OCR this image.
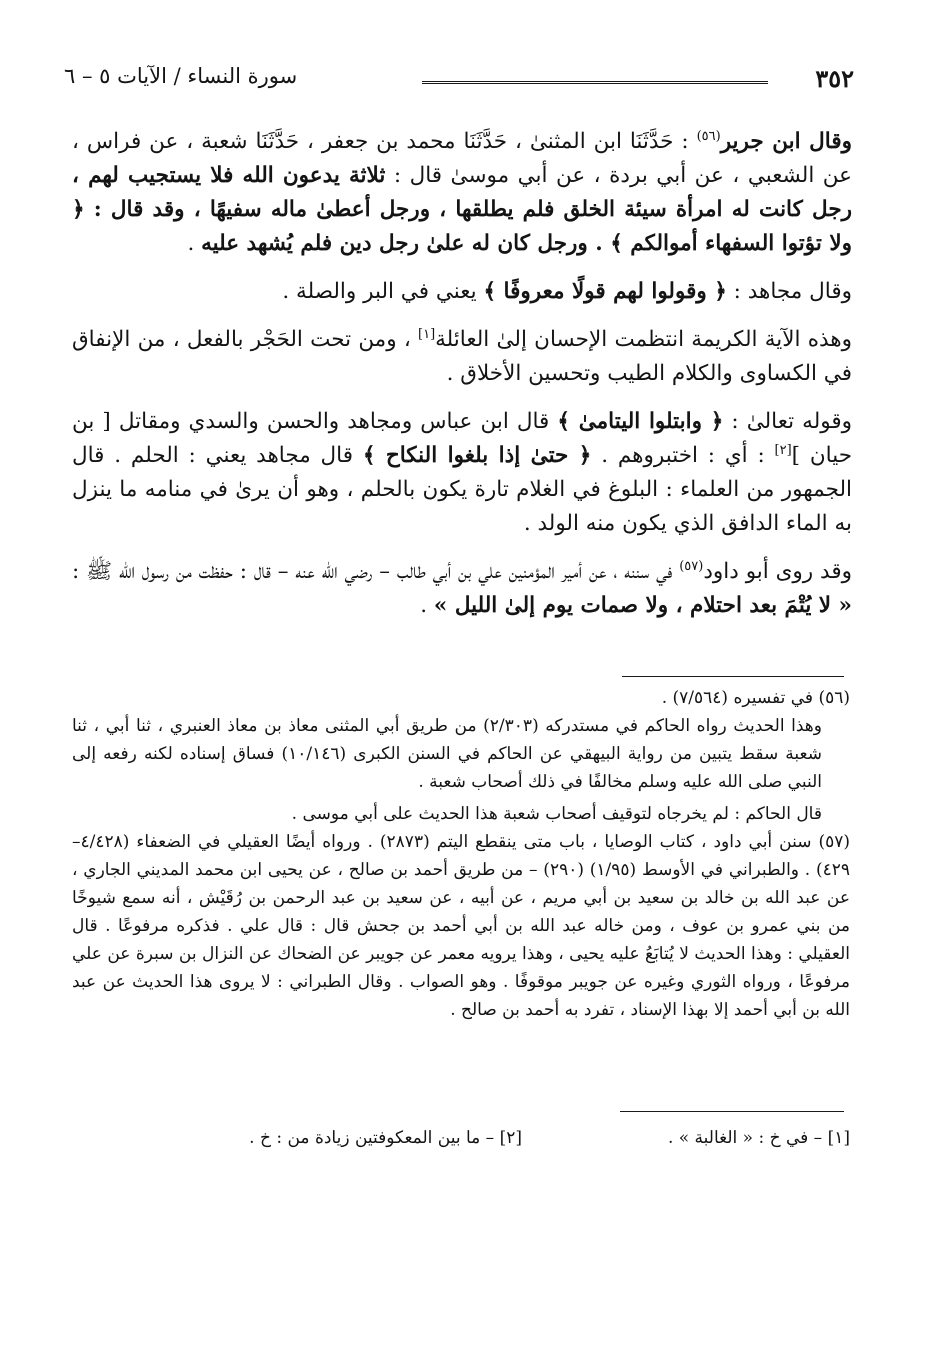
٣٥٢
سورة النساء / الآيات ٥ – ٦

وقال ابن جرير$^{(٥٦)}$ : حَدَّثَنَا ابن المثنىٰ ، حَدَّثَنَا محمد بن جعفر ، حَدَّثَنَا شعبة ، عن فراس ، عن الشعبي ، عن أبي بردة ، عن أبي موسىٰ قال : ثلاثة يدعون الله فلا يستجيب لهم ، رجل كانت له امرأة سيئة الخلق فلم يطلقها ، ورجل أعطىٰ ماله سفيهًا ، وقد قال : ﴿ ولا تؤتوا السفهاء أموالكم ﴾ . ورجل كان له علىٰ رجل دين فلم يُشهد عليه .

وقال مجاهد : ﴿ وقولوا لهم قولًا معروفًا ﴾ يعني في البر والصلة .

وهذه الآية الكريمة انتظمت الإحسان إلىٰ العائلة[١] ، ومن تحت الحَجْر بالفعل ، من الإنفاق في الكساوى والكلام الطيب وتحسين الأخلاق .

وقوله تعالىٰ : ﴿ وابتلوا اليتامىٰ ﴾ قال ابن عباس ومجاهد والحسن والسدي ومقاتل [ بن حيان ][٢] : أي : اختبروهم . ﴿ حتىٰ إذا بلغوا النكاح ﴾ قال مجاهد يعني : الحلم . قال الجمهور من العلماء : البلوغ في الغلام تارة يكون بالحلم ، وهو أن يرىٰ في منامه ما ينزل به الماء الدافق الذي يكون منه الولد .

وقد روى أبو داود$^{(٥٧)}$ في سننه ، عن أمير المؤمنين علي بن أبي طالب – رضي الله عنه – قال : حفظت من رسول الله ﷺ : « لا يُتْمَ بعد احتلام ، ولا صمات يوم إلىٰ الليل » .

(٥٦) في تفسيره (٧/٥٦٤) .

وهذا الحديث رواه الحاكم في مستدركه (٢/٣٠٣) من طريق أبي المثنى معاذ بن معاذ العنبري ، ثنا أبي ، ثنا شعبة سقط يتبين من رواية البيهقي عن الحاكم في السنن الكبرى (١٠/١٤٦) فساق إسناده لكنه رفعه إلى النبي صلى الله عليه وسلم مخالفًا في ذلك أصحاب شعبة .

قال الحاكم : لم يخرجاه لتوقيف أصحاب شعبة هذا الحديث على أبي موسى .

(٥٧) سنن أبي داود ، كتاب الوصايا ، باب متى ينقطع اليتم (٢٨٧٣) . ورواه أيضًا العقيلي في الضعفاء (٤/٤٢٨–٤٢٩) . والطبراني في الأوسط (١/٩٥) (٢٩٠) – من طريق أحمد بن صالح ، عن يحيى ابن محمد المديني الجاري ، عن عبد الله بن خالد بن سعيد بن أبي مريم ، عن أبيه ، عن سعيد بن عبد الرحمن بن رُقَيْش ، أنه سمع شيوخًا من بني عمرو بن عوف ، ومن خاله عبد الله بن أبي أحمد بن جحش قال : قال علي . فذكره مرفوعًا . قال العقيلي : وهذا الحديث لا يُتابَعُ عليه يحيى ، وهذا يرويه معمر عن جويبر عن الضحاك عن النزال بن سبرة عن علي مرفوعًا ، ورواه الثوري وغيره عن جويبر موقوفًا . وهو الصواب . وقال الطبراني : لا يروى هذا الحديث عن عبد الله بن أبي أحمد إلا بهذا الإسناد ، تفرد به أحمد بن صالح .

[١] – في خ : « الغالبة » .
[٢] – ما بين المعكوفتين زيادة من : خ .
